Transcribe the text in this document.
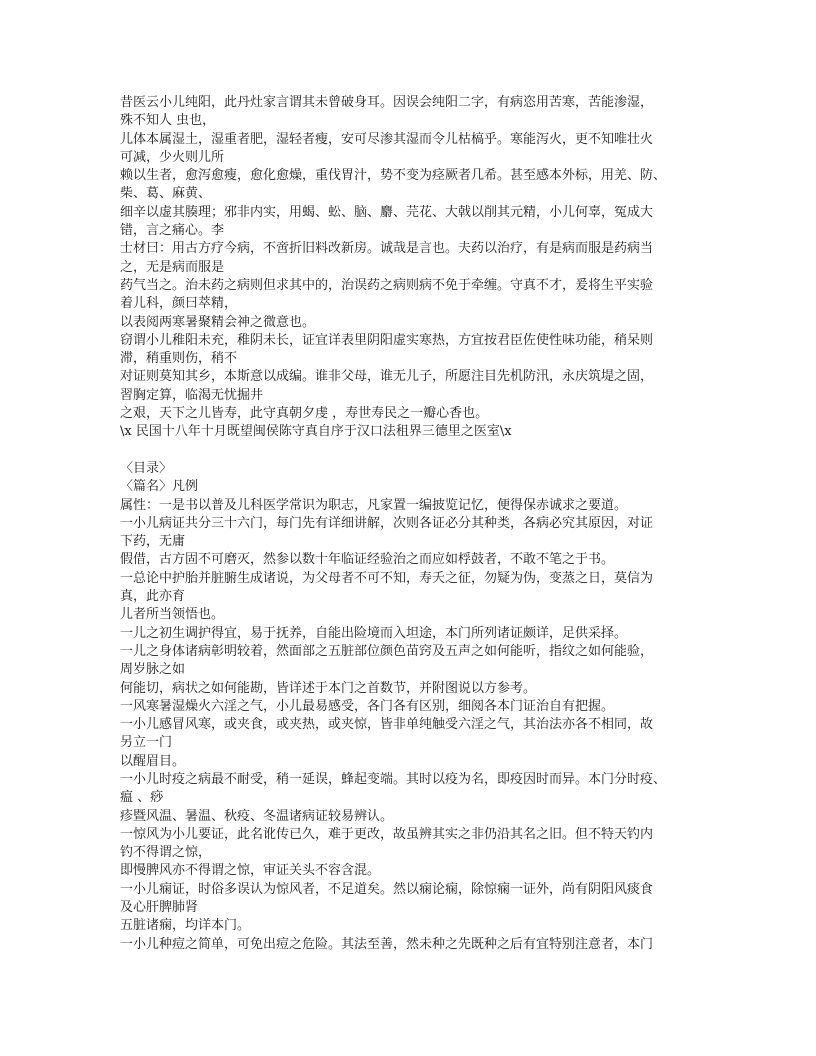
昔医云小儿纯阳，此丹灶家言谓其未曾破身耳。因误会纯阳二字，有病恣用苦寒，苦能渗湿，

殊不知人 虫也，

儿体本属湿土，湿重者肥，湿轻者瘦，安可尽渗其湿而令儿枯槁乎。寒能泻火，更不知唯壮火

可减，少火则儿所

赖以生者，愈泻愈瘦，愈化愈燥，重伐胃汁，势不变为痉厥者几希。甚至感本外标，用羌、防、

柴、葛、麻黄、

细辛以虚其腠理；邪非内实，用蝎、蚣、脑、麝、芫花、大戟以削其元精，小儿何辜，冤成大

错，言之痛心。李

士材曰：用古方疗今病，不啻折旧料改新房。诚哉是言也。夫药以治疗，有是病而服是药病当

之，无是病而服是

药气当之。治未药之病则但求其中的，治误药之病则病不免于牵缠。守真不才，爰将生平实验

着儿科，颜曰萃精，

以表阅两寒暑聚精会神之微意也。

窃谓小儿稚阳未充，稚阴未长，证宜详表里阴阳虚实寒热，方宜按君臣佐使性味功能，稍呆则

滞，稍重则伤，稍不

对证则莫知其乡，本斯意以成编。谁非父母，谁无儿子，所愿注目先机防汛，永庆筑堤之固，

習胸定算，临渴无忧掘井

之艰，天下之儿皆寿，此守真朝夕虔 ，寿世寿民之一瓣心香也。

\x 民国十八年十月既望闽侯陈守真自序于汉口法租界三德里之医室\x

〈目录〉

〈篇名〉凡例

属性：一是书以普及儿科医学常识为职志，凡家置一编披览记忆，便得保赤诚求之要道。

一小儿病证共分三十六门，每门先有详细讲解，次则各证必分其种类，各病必究其原因，对证

下药，无庸

假借，古方固不可磨灭，然参以数十年临证经验治之而应如桴鼓者，不敢不笔之于书。

一总论中护胎并脏腑生成诸说，为父母者不可不知，寿夭之征，勿疑为伪，变蒸之日，莫信为

真，此亦育

儿者所当领悟也。

一儿之初生调护得宜，易于抚养，自能出险境而入坦途，本门所列诸证颇详，足供采择。

一儿之身体诸病彰明较着，然面部之五脏部位颜色苗窍及五声之如何能听，指纹之如何能验，

周岁脉之如

何能切，病状之如何能勘，皆详述于本门之首数节，并附图说以方参考。

一风寒暑湿燥火六淫之气，小儿最易感受，各门各有区别，细阅各本门证治自有把握。

一小儿感冒风寒，或夹食，或夹热，或夹惊，皆非单纯触受六淫之气，其治法亦各不相同，故

另立一门

以醒眉目。

一小儿时疫之病最不耐受，稍一延误，蜂起变端。其时以疫为名，即疫因时而异。本门分时疫、

瘟 、痧

疹暨风温、暑温、秋疫、冬温诸病证较易辨认。

一惊风为小儿要证，此名讹传已久，难于更改，故虽辨其实之非仍沿其名之旧。但不特天钓内

钓不得谓之惊，

即慢脾风亦不得谓之惊，审证关头不容含混。

一小儿痫证，时俗多误认为惊风者，不足道矣。然以痫论痫，除惊痫一证外，尚有阴阳风痰食

及心肝脾肺肾

五脏诸痫，均详本门。

一小儿种痘之简单，可免出痘之危险。其法至善，然未种之先既种之后有宜特别注意者，本门
